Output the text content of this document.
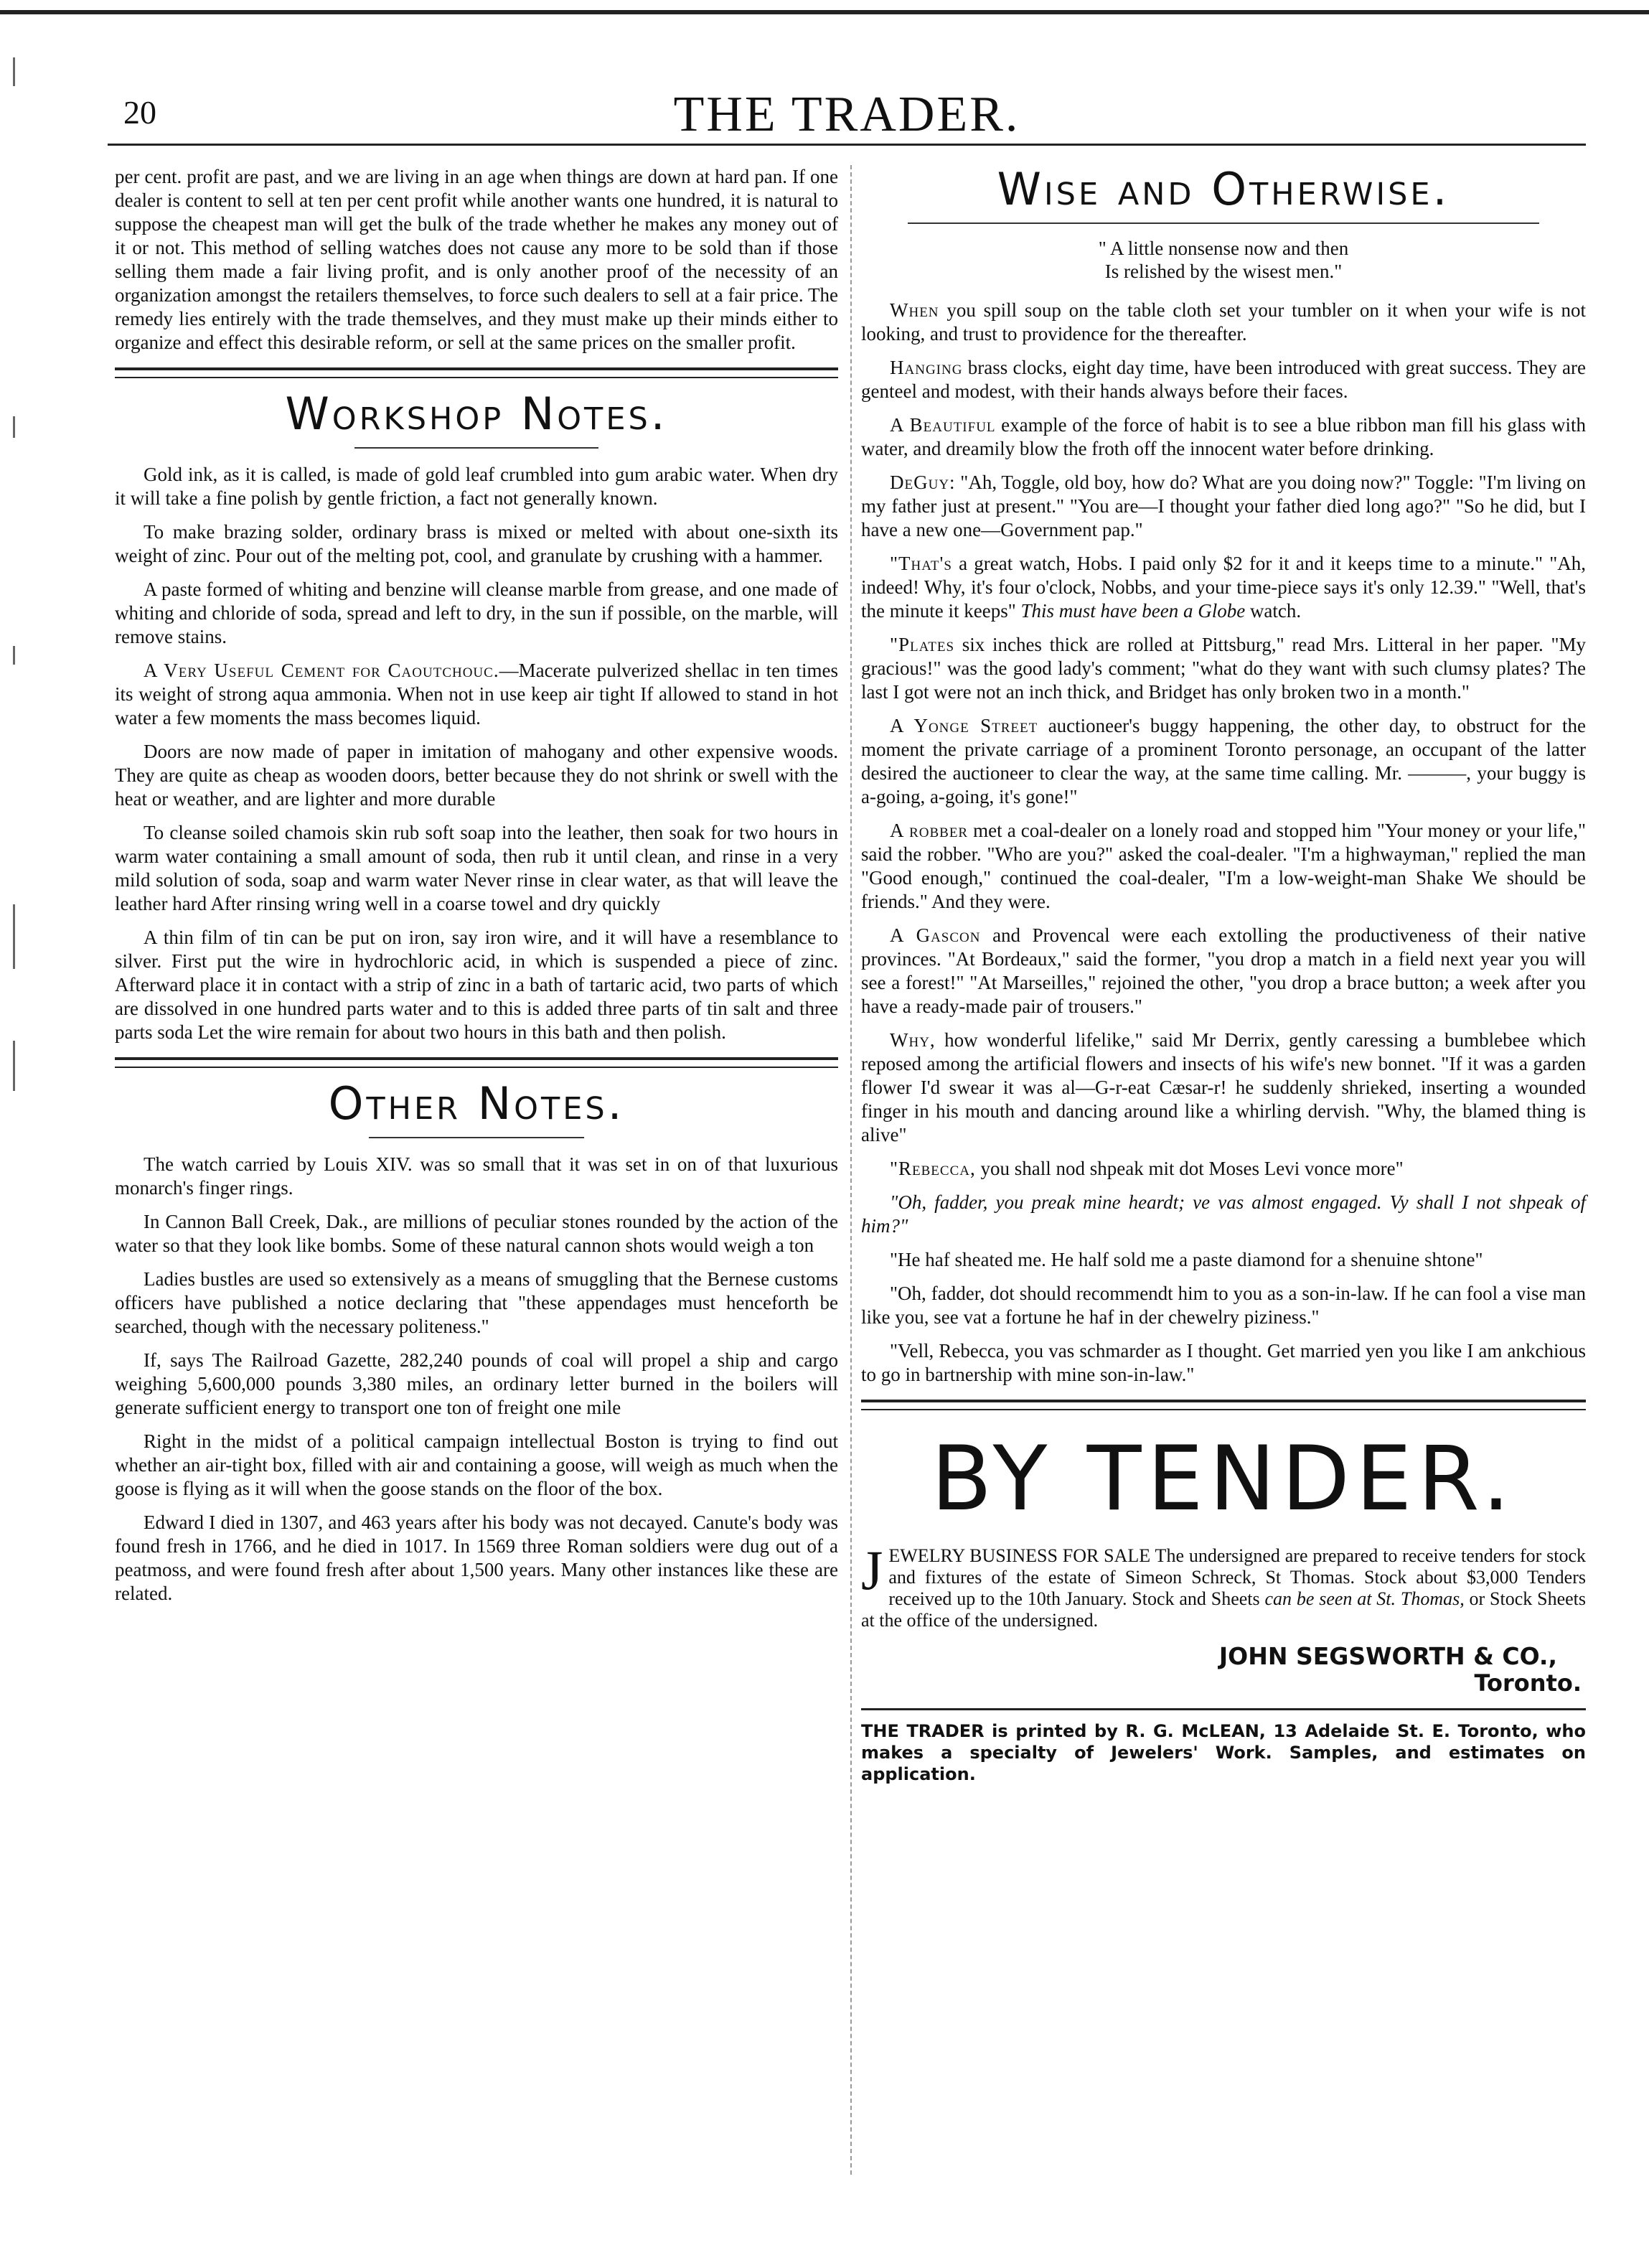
20	THE TRADER.

per cent. profit are past, and we are living in an age when things are down at hard pan. If one dealer is content to sell at ten per cent profit while another wants one hundred, it is natural to suppose the cheapest man will get the bulk of the trade whether he makes any money out of it or not. This method of selling watches does not cause any more to be sold than if those selling them made a fair living profit, and is only another proof of the necessity of an organization amongst the retailers themselves, to force such dealers to sell at a fair price. The remedy lies entirely with the trade themselves, and they must make up their minds either to organize and effect this desirable reform, or sell at the same prices on the smaller profit.

Workshop Notes.

Gold ink, as it is called, is made of gold leaf crumbled into gum arabic water. When dry it will take a fine polish by gentle friction, a fact not generally known.

To make brazing solder, ordinary brass is mixed or melted with about one-sixth its weight of zinc. Pour out of the melting pot, cool, and granulate by crushing with a hammer.

A paste formed of whiting and benzine will cleanse marble from grease, and one made of whiting and chloride of soda, spread and left to dry, in the sun if possible, on the marble, will remove stains.

A Very Useful Cement for Caoutchouc.—Macerate pulverized shellac in ten times its weight of strong aqua ammonia. When not in use keep air tight If allowed to stand in hot water a few moments the mass becomes liquid.

Doors are now made of paper in imitation of mahogany and other expensive woods. They are quite as cheap as wooden doors, better because they do not shrink or swell with the heat or weather, and are lighter and more durable

To cleanse soiled chamois skin rub soft soap into the leather, then soak for two hours in warm water containing a small amount of soda, then rub it until clean, and rinse in a very mild solution of soda, soap and warm water Never rinse in clear water, as that will leave the leather hard After rinsing wring well in a coarse towel and dry quickly

A thin film of tin can be put on iron, say iron wire, and it will have a resemblance to silver. First put the wire in hydrochloric acid, in which is suspended a piece of zinc. Afterward place it in contact with a strip of zinc in a bath of tartaric acid, two parts of which are dissolved in one hundred parts water and to this is added three parts of tin salt and three parts soda Let the wire remain for about two hours in this bath and then polish.

Other Notes.

The watch carried by Louis XIV. was so small that it was set in on of that luxurious monarch's finger rings.

In Cannon Ball Creek, Dak., are millions of peculiar stones rounded by the action of the water so that they look like bombs. Some of these natural cannon shots would weigh a ton

Ladies bustles are used so extensively as a means of smuggling that the Bernese customs officers have published a notice declaring that "these appendages must henceforth be searched, though with the necessary politeness."

If, says The Railroad Gazette, 282,240 pounds of coal will propel a ship and cargo weighing 5,600,000 pounds 3,380 miles, an ordinary letter burned in the boilers will generate sufficient energy to transport one ton of freight one mile

Right in the midst of a political campaign intellectual Boston is trying to find out whether an air-tight box, filled with air and containing a goose, will weigh as much when the goose is flying as it will when the goose stands on the floor of the box.

Edward I died in 1307, and 463 years after his body was not decayed. Canute's body was found fresh in 1766, and he died in 1017. In 1569 three Roman soldiers were dug out of a peatmoss, and were found fresh after about 1,500 years. Many other instances like these are related.

Wise and Otherwise.
" A little nonsense now and then
Is relished by the wisest men."

When you spill soup on the table cloth set your tumbler on it when your wife is not looking, and trust to providence for the thereafter.

Hanging brass clocks, eight day time, have been introduced with great success. They are genteel and modest, with their hands always before their faces.

A Beautiful example of the force of habit is to see a blue ribbon man fill his glass with water, and dreamily blow the froth off the innocent water before drinking.

DeGuy: "Ah, Toggle, old boy, how do? What are you doing now?" Toggle: "I'm living on my father just at present." "You are—I thought your father died long ago?" "So he did, but I have a new one—Government pap."

"That's a great watch, Hobs. I paid only $2 for it and it keeps time to a minute." "Ah, indeed! Why, it's four o'clock, Nobbs, and your time-piece says it's only 12.39." "Well, that's the minute it keeps" This must have been a Globe watch.

"Plates six inches thick are rolled at Pittsburg," read Mrs. Litteral in her paper. "My gracious!" was the good lady's comment; "what do they want with such clumsy plates? The last I got were not an inch thick, and Bridget has only broken two in a month."

A Yonge Street auctioneer's buggy happening, the other day, to obstruct for the moment the private carriage of a prominent Toronto personage, an occupant of the latter desired the auctioneer to clear the way, at the same time calling. Mr. ———, your buggy is a-going, a-going, it's gone!"

A robber met a coal-dealer on a lonely road and stopped him "Your money or your life," said the robber. "Who are you?" asked the coal-dealer. "I'm a highwayman," replied the man "Good enough," continued the coal-dealer, "I'm a low-weight-man Shake We should be friends." And they were.

A Gascon and Provencal were each extolling the productiveness of their native provinces. "At Bordeaux," said the former, "you drop a match in a field next year you will see a forest!" "At Marseilles," rejoined the other, "you drop a brace button; a week after you have a ready-made pair of trousers."

Why, how wonderful lifelike," said Mr Derrix, gently caressing a bumblebee which reposed among the artificial flowers and insects of his wife's new bonnet. "If it was a garden flower I'd swear it was al—G-r-eat Cæsar-r! he suddenly shrieked, inserting a wounded finger in his mouth and dancing around like a whirling dervish. "Why, the blamed thing is alive"

"Rebecca, you shall nod shpeak mit dot Moses Levi vonce more"

"Oh, fadder, you preak mine heardt; ve vas almost engaged. Vy shall I not shpeak of him?"

"He haf sheated me. He half sold me a paste diamond for a shenuine shtone"

"Oh, fadder, dot should recommendt him to you as a son-in-law. If he can fool a vise man like you, see vat a fortune he haf in der chewelry piziness."

"Vell, Rebecca, you vas schmarder as I thought. Get married yen you like I am ankchious to go in bartnership with mine son-in-law."

BY TENDER.

JEWELRY BUSINESS FOR SALE The undersigned are prepared to receive tenders for stock and fixtures of the estate of Simeon Schreck, St Thomas. Stock about $3,000 Tenders received up to the 10th January. Stock and Sheets can be seen at St. Thomas, or Stock Sheets at the office of the undersigned.

JOHN SEGSWORTH & CO.,
Toronto.

THE TRADER is printed by R. G. McLEAN, 13 Adelaide St. E. Toronto, who makes a specialty of Jewelers' Work. Samples, and estimates on application.
